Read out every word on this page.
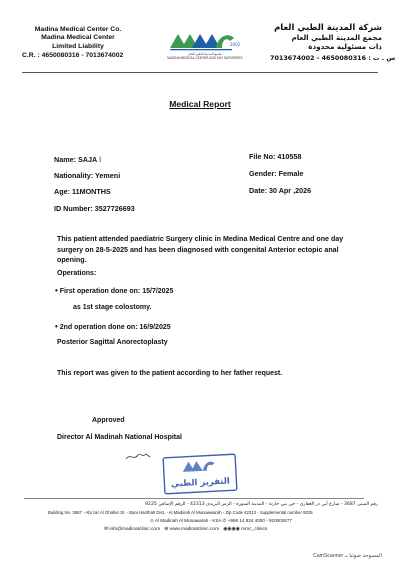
Madina Medical Center Co.
Madina Medical Center
Limited Liability
C.R. : 4650080316 - 7013674002
2002
مجمع المدينة الطبي العام
MADINA MEDICAL CENTER AND DAY SURGERIES
شركة المدينة الطبي العام
مجمع المدينة الطبي العام
ذات مسئولية محدودة
7013674002 - 4650080316 : س . ت
Medical Report
Name: SAJA ﺍ
Nationality: Yemeni
Age: 11MONTHS
ID Number: 3527726693
File No: 410558
Gender: Female
Date: 30 Apr ,2026
This patient attended paediatric Surgery clinic in Medina Medical Centre and one day surgery on 28-5-2025 and has been diagnosed with congenital Anterior ectopic anal opening.
Operations:
• First operation done on: 15/7/2025
as 1st stage colostomy.
• 2nd operation done on: 16/9/2025
Posterior Sagittal Anorectoplasty
This report was given to the patient according to her father request.
Approved
Director Al Madinah National Hospital
التقرير الطبي
رقم المبنى 3687 - شارع أبي ذر الغفاري - حي بني حارثة - المدينة المنورة - الرمز البريدي 42313 - الرقم الإضافي 9225
Building No. 3687 - Abi zar Al Ghafari St. - Bani Harithah Dist. - Al Madinah Al Munawwarah - Zip Code 42313 - Supplemental number 9225
⊙ Al Madinah Al Munawarah - KSA ✆ +966 14 834 4000 - 920002677
✉ info@madinatclinic.com ⊕ www.madinatclinic.com ◉◉◉◉ mmc_clinics
CamScanner المسوحة ضوئيا بـ
